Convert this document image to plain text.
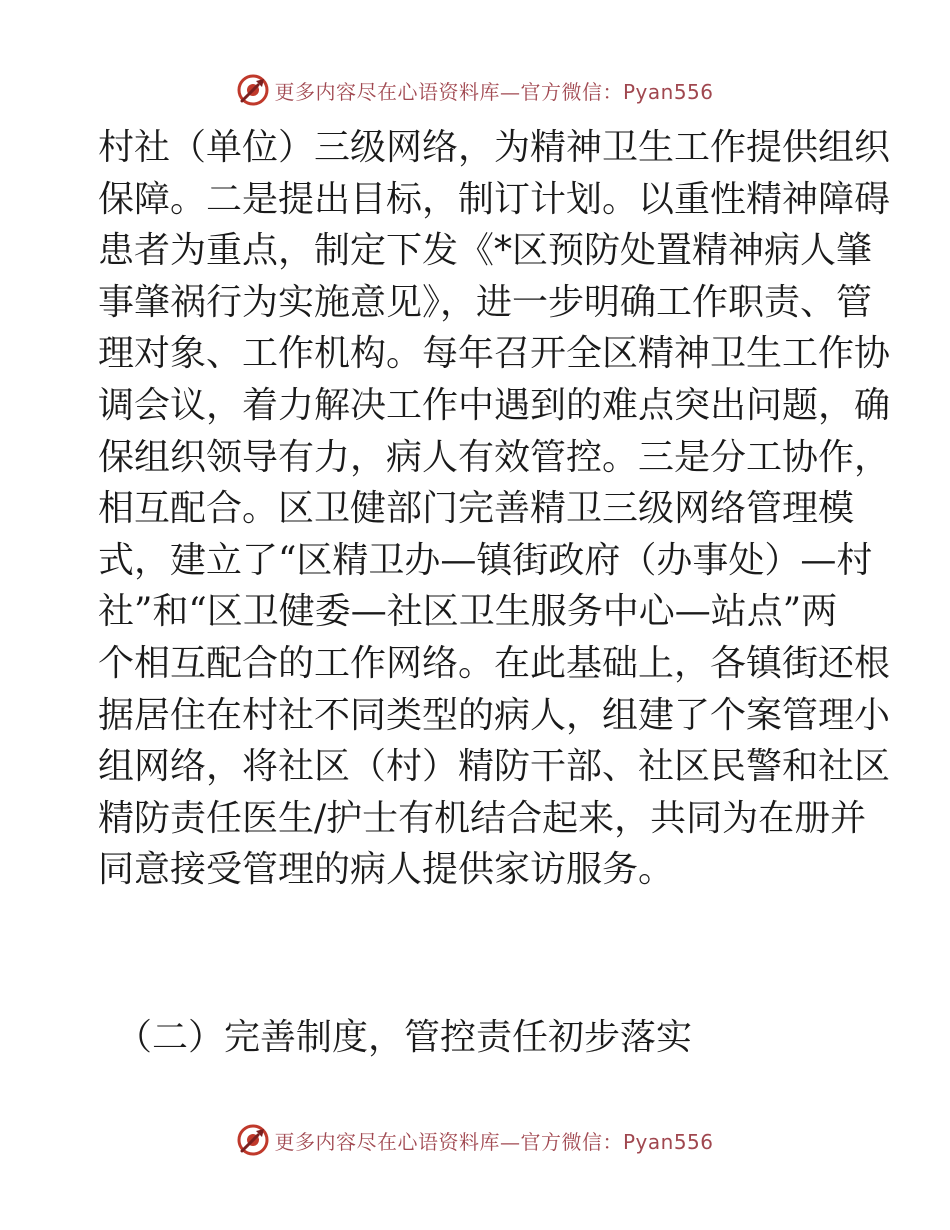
更多内容尽在心语资料库—官方微信：Pyan556
村社（单位）三级网络，为精神卫生工作提供组织
保障。二是提出目标，制订计划。以重性精神障碍
患者为重点，制定下发《*区预防处置精神病人肇
事肇祸行为实施意见》，进一步明确工作职责、管
理对象、工作机构。每年召开全区精神卫生工作协
调会议，着力解决工作中遇到的难点突出问题，确
保组织领导有力，病人有效管控。三是分工协作，
相互配合。区卫健部门完善精卫三级网络管理模
式，建立了“区精卫办—镇街政府（办事处）—村
社”和“区卫健委—社区卫生服务中心—站点”两
个相互配合的工作网络。在此基础上，各镇街还根
据居住在村社不同类型的病人，组建了个案管理小
组网络，将社区（村）精防干部、社区民警和社区
精防责任医生/护士有机结合起来，共同为在册并
同意接受管理的病人提供家访服务。
（二）完善制度，管控责任初步落实
更多内容尽在心语资料库—官方微信：Pyan556
